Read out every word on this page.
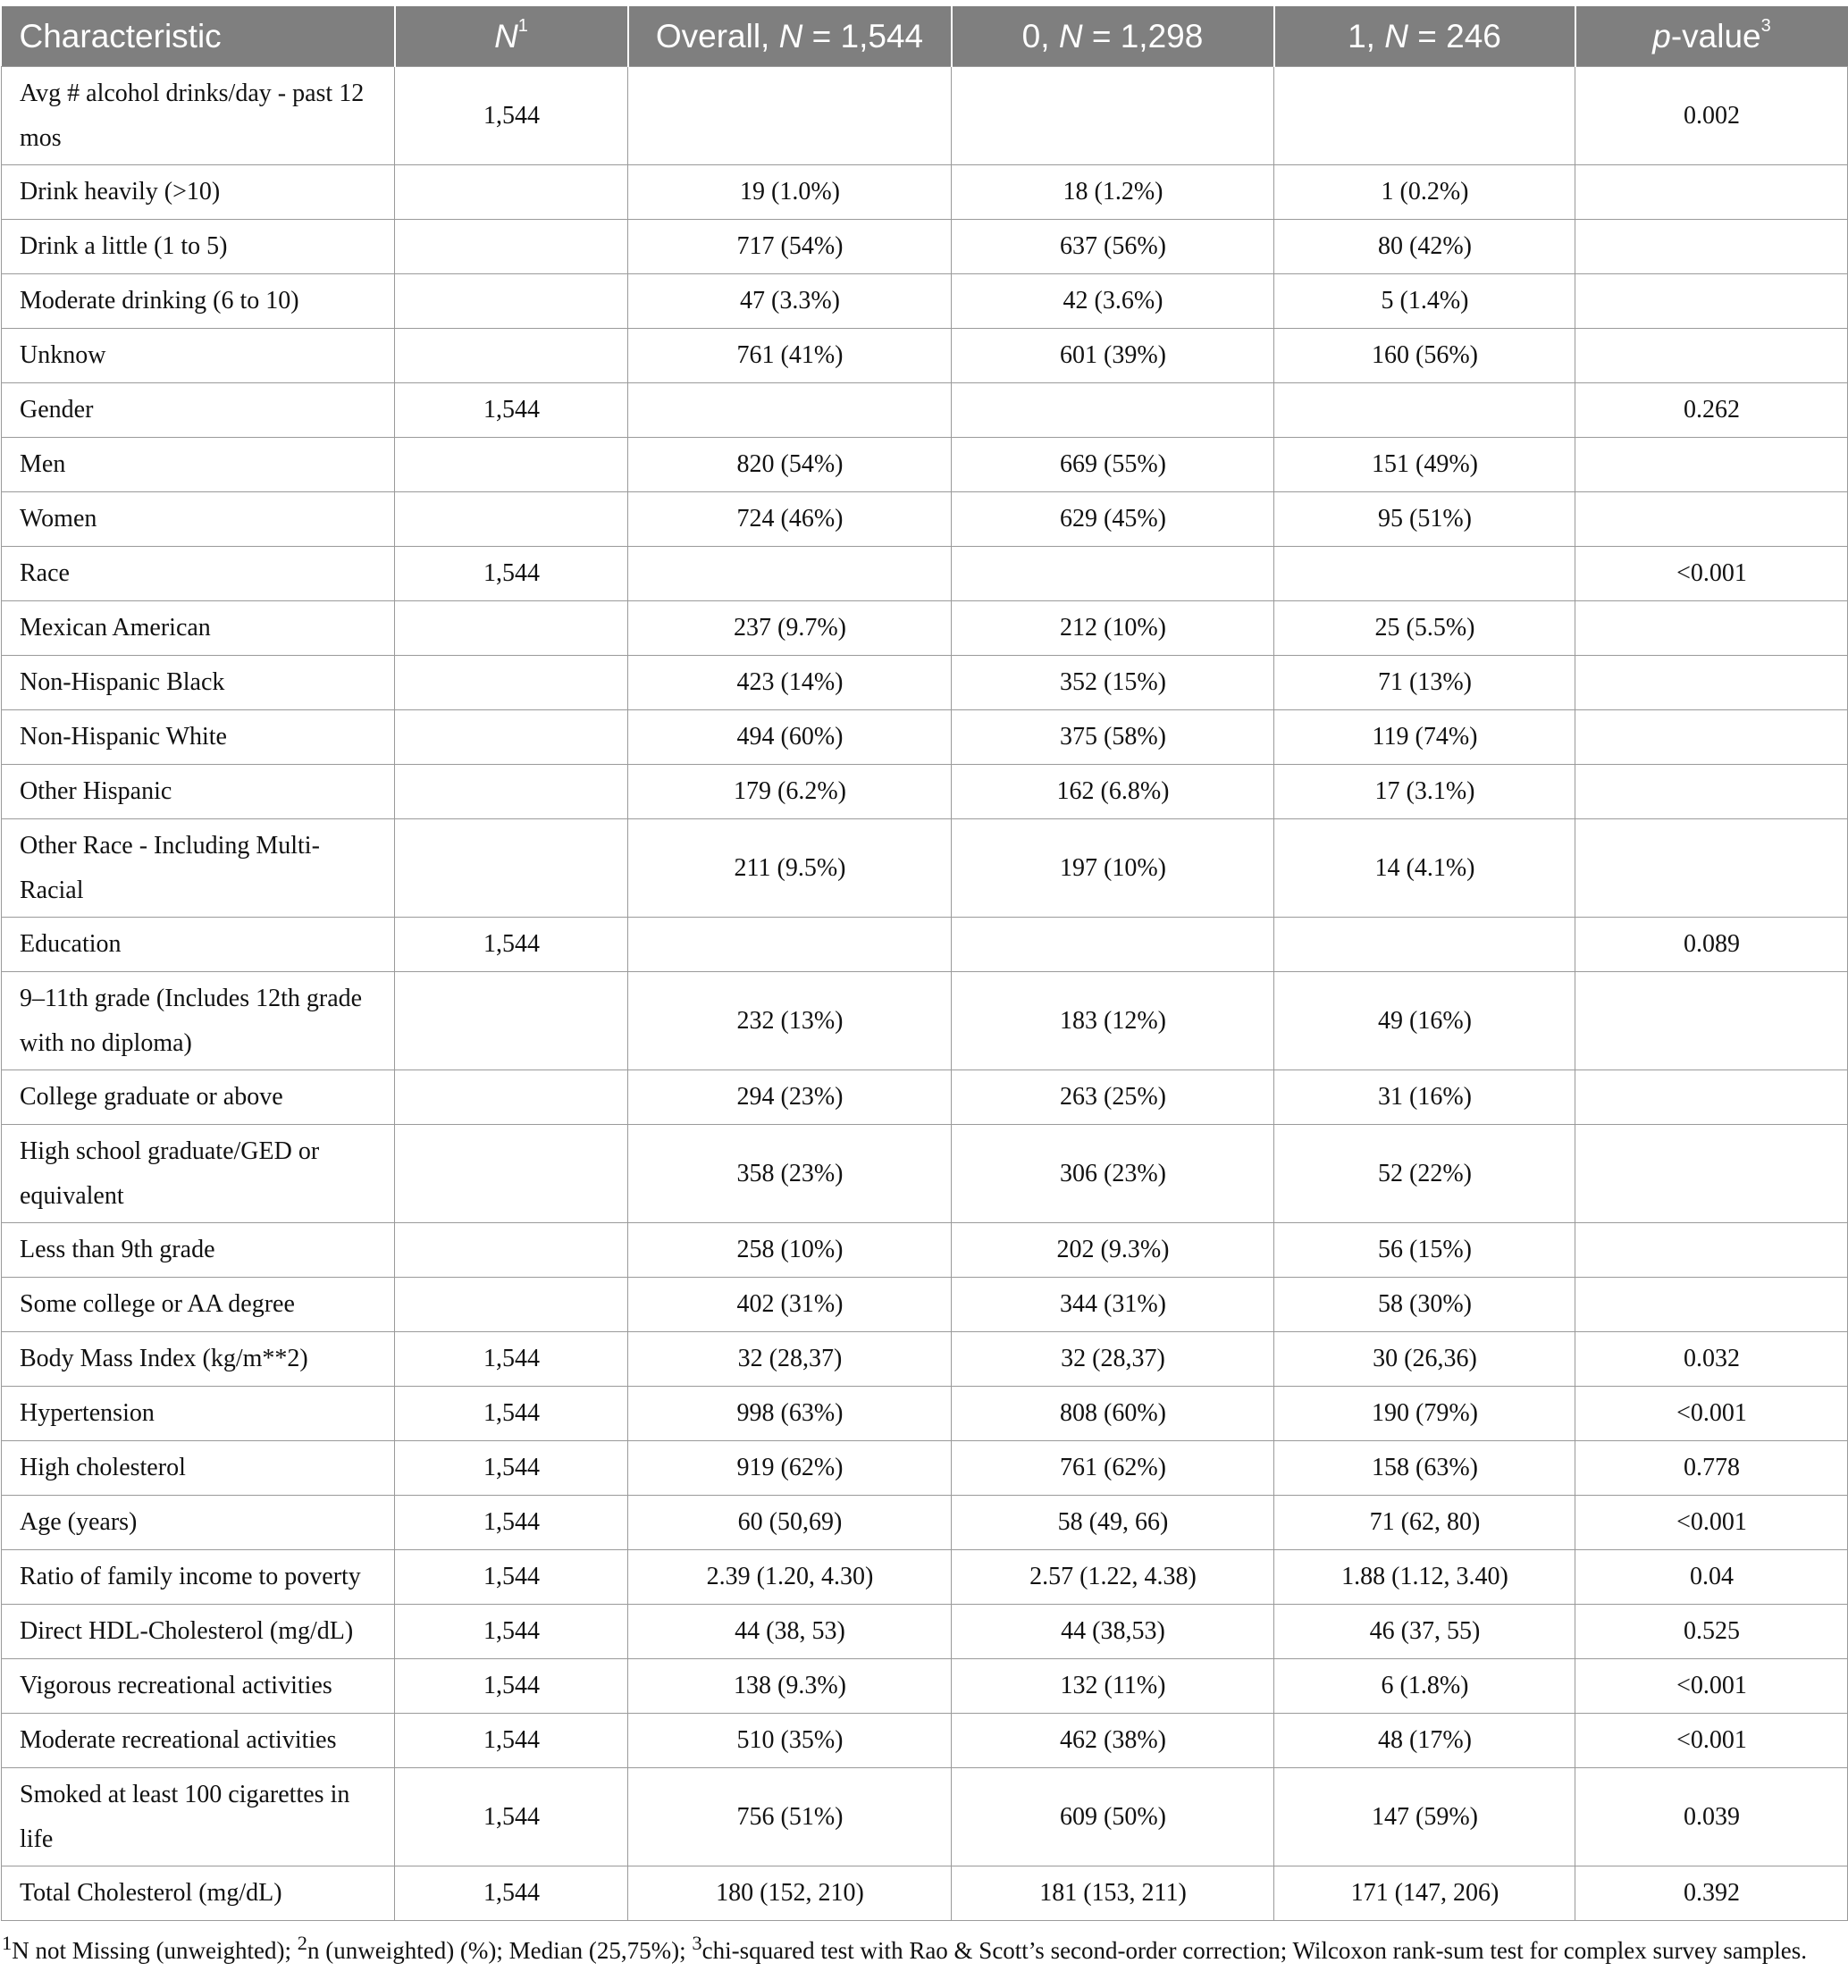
Characteristic	$N^1$	Overall, N = 1,544	0, N = 1,298	1, N = 246	p-value$^3$
Avg # alcohol drinks/day - past 12 mos	1,544				0.002
Drink heavily (>10)		19 (1.0%)	18 (1.2%)	1 (0.2%)	
Drink a little (1 to 5)		717 (54%)	637 (56%)	80 (42%)	
Moderate drinking (6 to 10)		47 (3.3%)	42 (3.6%)	5 (1.4%)	
Unknow		761 (41%)	601 (39%)	160 (56%)	
Gender	1,544				0.262
Men		820 (54%)	669 (55%)	151 (49%)	
Women		724 (46%)	629 (45%)	95 (51%)	
Race	1,544				<0.001
Mexican American		237 (9.7%)	212 (10%)	25 (5.5%)	
Non-Hispanic Black		423 (14%)	352 (15%)	71 (13%)	
Non-Hispanic White		494 (60%)	375 (58%)	119 (74%)	
Other Hispanic		179 (6.2%)	162 (6.8%)	17 (3.1%)	
Other Race - Including Multi-Racial		211 (9.5%)	197 (10%)	14 (4.1%)	
Education	1,544				0.089
9–11th grade (Includes 12th grade with no diploma)		232 (13%)	183 (12%)	49 (16%)	
College graduate or above		294 (23%)	263 (25%)	31 (16%)	
High school graduate/GED or equivalent		358 (23%)	306 (23%)	52 (22%)	
Less than 9th grade		258 (10%)	202 (9.3%)	56 (15%)	
Some college or AA degree		402 (31%)	344 (31%)	58 (30%)	
Body Mass Index (kg/m**2)	1,544	32 (28,37)	32 (28,37)	30 (26,36)	0.032
Hypertension	1,544	998 (63%)	808 (60%)	190 (79%)	<0.001
High cholesterol	1,544	919 (62%)	761 (62%)	158 (63%)	0.778
Age (years)	1,544	60 (50,69)	58 (49, 66)	71 (62, 80)	<0.001
Ratio of family income to poverty	1,544	2.39 (1.20, 4.30)	2.57 (1.22, 4.38)	1.88 (1.12, 3.40)	0.04
Direct HDL-Cholesterol (mg/dL)	1,544	44 (38, 53)	44 (38,53)	46 (37, 55)	0.525
Vigorous recreational activities	1,544	138 (9.3%)	132 (11%)	6 (1.8%)	<0.001
Moderate recreational activities	1,544	510 (35%)	462 (38%)	48 (17%)	<0.001
Smoked at least 100 cigarettes in life	1,544	756 (51%)	609 (50%)	147 (59%)	0.039
Total Cholesterol (mg/dL)	1,544	180 (152, 210)	181 (153, 211)	171 (147, 206)	0.392
$^1$N not Missing (unweighted); $^2$n (unweighted) (%); Median (25,75%); $^3$chi-squared test with Rao & Scott’s second-order correction; Wilcoxon rank-sum test for complex survey samples.
